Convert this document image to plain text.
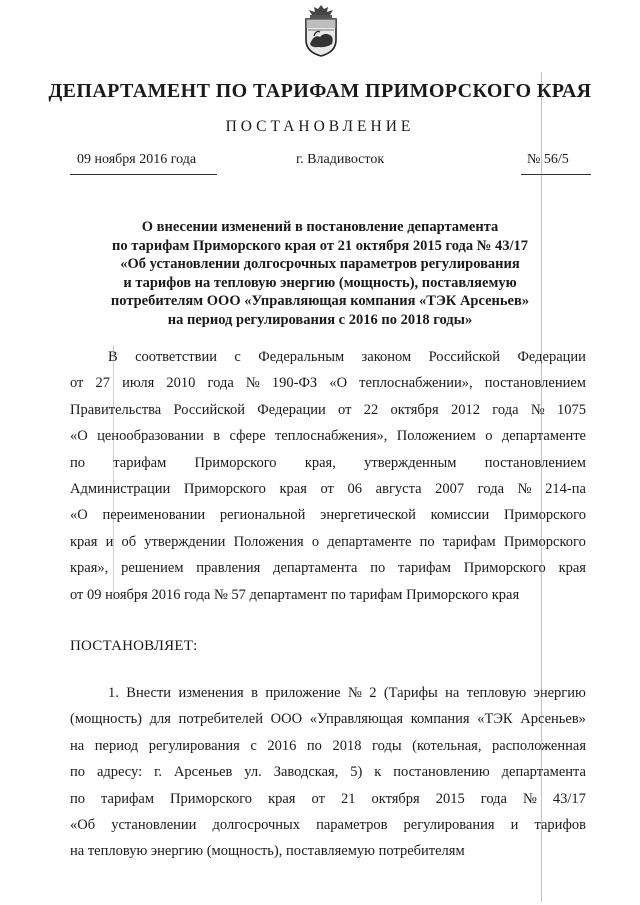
ДЕПАРТАМЕНТ ПО ТАРИФАМ ПРИМОРСКОГО КРАЯ
ПОСТАНОВЛЕНИЕ
09 ноября 2016 года	г. Владивосток	№ 56/5
О внесении изменений в постановление департамента
по тарифам Приморского края от 21 октября 2015 года № 43/17
«Об установлении долгосрочных параметров регулирования
и тарифов на тепловую энергию (мощность), поставляемую
потребителям ООО «Управляющая компания «ТЭК Арсеньев»
на период регулирования с 2016 по 2018 годы»
В соответствии с Федеральным законом Российской Федерации
от 27 июля 2010 года № 190-ФЗ «О теплоснабжении», постановлением
Правительства Российской Федерации от 22 октября 2012 года № 1075
«О ценообразовании в сфере теплоснабжения», Положением о департаменте
по тарифам Приморского края, утвержденным постановлением
Администрации Приморского края от 06 августа 2007 года № 214-па
«О переименовании региональной энергетической комиссии Приморского
края и об утверждении Положения о департаменте по тарифам Приморского
края», решением правления департамента по тарифам Приморского края
от 09 ноября 2016 года № 57 департамент по тарифам Приморского края
ПОСТАНОВЛЯЕТ:
1. Внести изменения в приложение № 2 (Тарифы на тепловую энергию
(мощность) для потребителей ООО «Управляющая компания «ТЭК Арсеньев»
на период регулирования с 2016 по 2018 годы (котельная, расположенная
по адресу: г. Арсеньев ул. Заводская, 5) к постановлению департамента
по тарифам Приморского края от 21 октября 2015 года № 43/17
«Об установлении долгосрочных параметров регулирования и тарифов
на тепловую энергию (мощность), поставляемую потребителям
